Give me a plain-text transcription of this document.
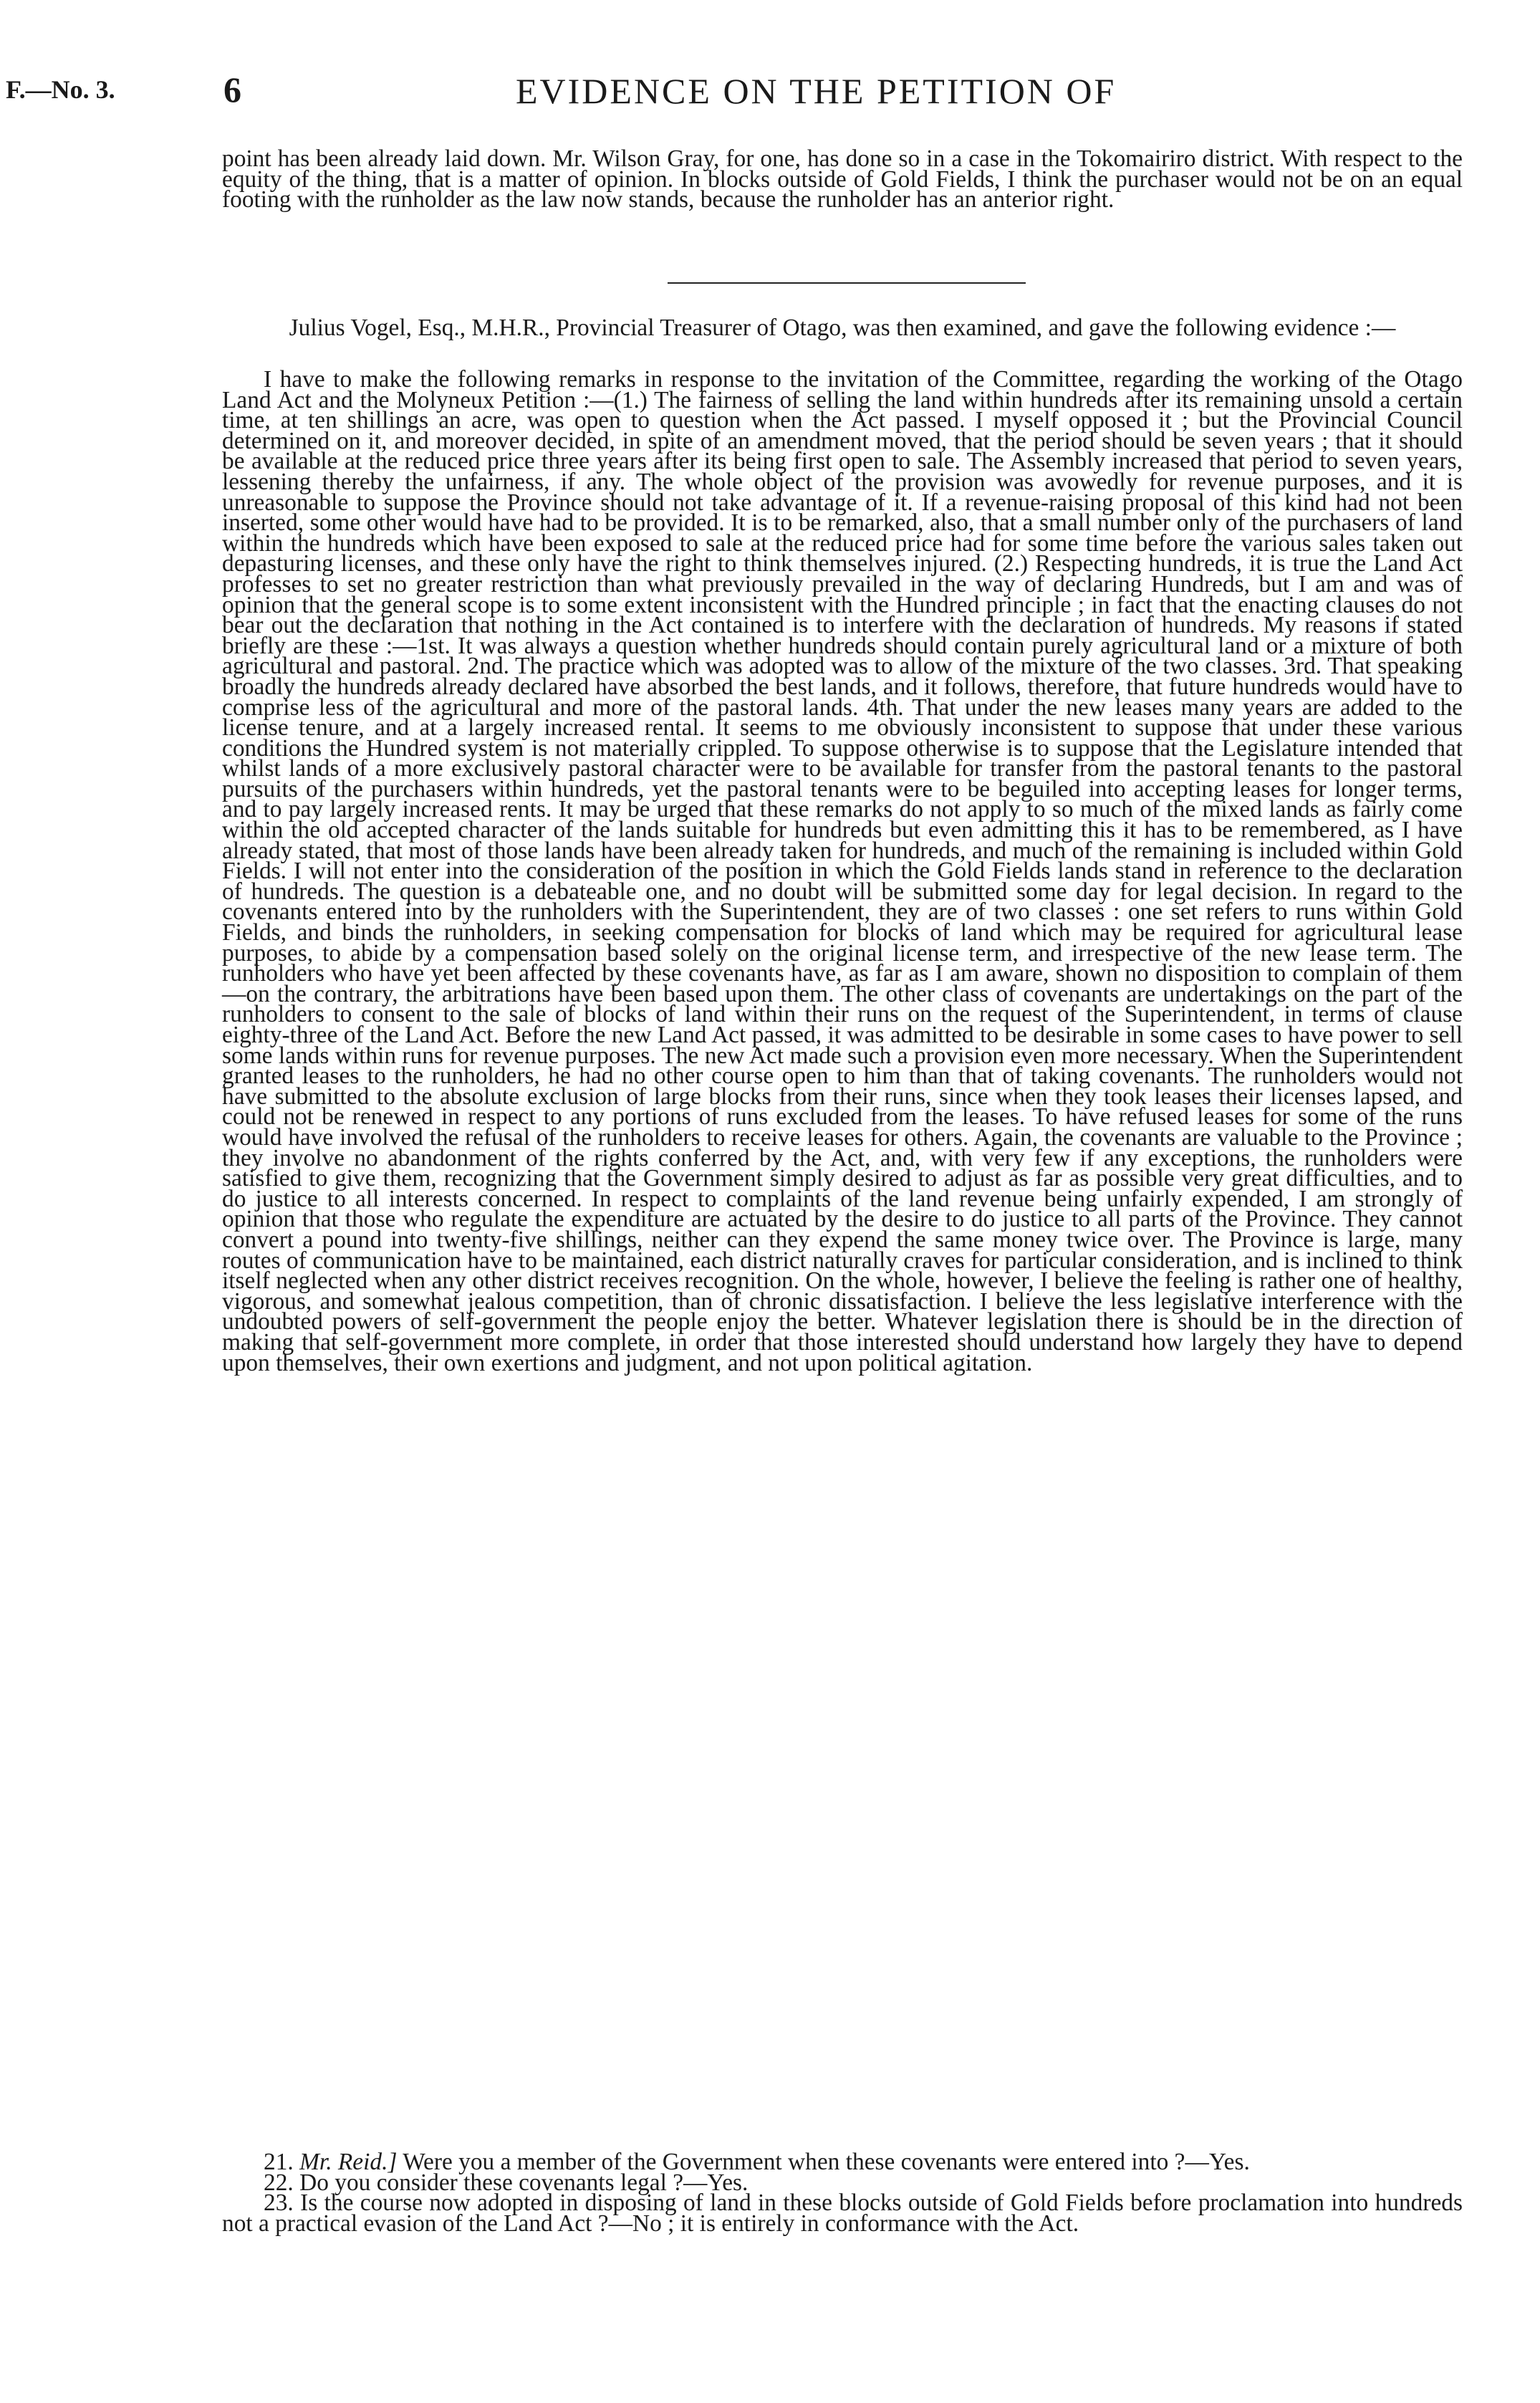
F.—No. 3.	6	EVIDENCE ON THE PETITION OF

point has been already laid down. Mr. Wilson Gray, for one, has done so in a case in the Tokomairiro district. With respect to the equity of the thing, that is a matter of opinion. In blocks outside of Gold Fields, I think the purchaser would not be on an equal footing with the runholder as the law now stands, because the runholder has an anterior right.

Julius Vogel, Esq., M.H.R., Provincial Treasurer of Otago, was then examined, and gave the following evidence :—

I have to make the following remarks in response to the invitation of the Committee, regarding the working of the Otago Land Act and the Molyneux Petition :—(1.) The fairness of selling the land within hundreds after its remaining unsold a certain time, at ten shillings an acre, was open to question when the Act passed. I myself opposed it ; but the Provincial Council determined on it, and moreover decided, in spite of an amendment moved, that the period should be seven years ; that it should be available at the reduced price three years after its being first open to sale. The Assembly increased that period to seven years, lessening thereby the unfairness, if any. The whole object of the provision was avowedly for revenue purposes, and it is unreasonable to suppose the Province should not take advantage of it. If a revenue-raising proposal of this kind had not been inserted, some other would have had to be provided. It is to be remarked, also, that a small number only of the purchasers of land within the hundreds which have been exposed to sale at the reduced price had for some time before the various sales taken out depasturing licenses, and these only have the right to think themselves injured. (2.) Respecting hundreds, it is true the Land Act professes to set no greater restriction than what previously prevailed in the way of declaring Hundreds, but I am and was of opinion that the general scope is to some extent inconsistent with the Hundred principle ; in fact that the enacting clauses do not bear out the declaration that nothing in the Act contained is to interfere with the declaration of hundreds. My reasons if stated briefly are these :—1st. It was always a question whether hundreds should contain purely agricultural land or a mixture of both agricultural and pastoral. 2nd. The practice which was adopted was to allow of the mixture of the two classes. 3rd. That speaking broadly the hundreds already declared have absorbed the best lands, and it follows, therefore, that future hundreds would have to comprise less of the agricultural and more of the pastoral lands. 4th. That under the new leases many years are added to the license tenure, and at a largely increased rental. It seems to me obviously inconsistent to suppose that under these various conditions the Hundred system is not materially crippled. To suppose otherwise is to suppose that the Legislature intended that whilst lands of a more exclusively pastoral character were to be available for transfer from the pastoral tenants to the pastoral pursuits of the purchasers within hundreds, yet the pastoral tenants were to be beguiled into accepting leases for longer terms, and to pay largely increased rents. It may be urged that these remarks do not apply to so much of the mixed lands as fairly come within the old accepted character of the lands suitable for hundreds but even admitting this it has to be remembered, as I have already stated, that most of those lands have been already taken for hundreds, and much of the remaining is included within Gold Fields. I will not enter into the consideration of the position in which the Gold Fields lands stand in reference to the declaration of hundreds. The question is a debateable one, and no doubt will be submitted some day for legal decision. In regard to the covenants entered into by the runholders with the Superintendent, they are of two classes : one set refers to runs within Gold Fields, and binds the runholders, in seeking compensation for blocks of land which may be required for agricultural lease purposes, to abide by a compensation based solely on the original license term, and irrespective of the new lease term. The runholders who have yet been affected by these covenants have, as far as I am aware, shown no disposition to complain of them—on the contrary, the arbitrations have been based upon them. The other class of covenants are undertakings on the part of the runholders to consent to the sale of blocks of land within their runs on the request of the Superintendent, in terms of clause eighty-three of the Land Act. Before the new Land Act passed, it was admitted to be desirable in some cases to have power to sell some lands within runs for revenue purposes. The new Act made such a provision even more necessary. When the Superintendent granted leases to the runholders, he had no other course open to him than that of taking covenants. The runholders would not have submitted to the absolute exclusion of large blocks from their runs, since when they took leases their licenses lapsed, and could not be renewed in respect to any portions of runs excluded from the leases. To have refused leases for some of the runs would have involved the refusal of the runholders to receive leases for others. Again, the covenants are valuable to the Province ; they involve no abandonment of the rights conferred by the Act, and, with very few if any exceptions, the runholders were satisfied to give them, recognizing that the Government simply desired to adjust as far as possible very great difficulties, and to do justice to all interests concerned. In respect to complaints of the land revenue being unfairly expended, I am strongly of opinion that those who regulate the expenditure are actuated by the desire to do justice to all parts of the Province. They cannot convert a pound into twenty-five shillings, neither can they expend the same money twice over. The Province is large, many routes of communication have to be maintained, each district naturally craves for particular consideration, and is inclined to think itself neglected when any other district receives recognition. On the whole, however, I believe the feeling is rather one of healthy, vigorous, and somewhat jealous competition, than of chronic dissatisfaction. I believe the less legislative interference with the undoubted powers of self-government the people enjoy the better. Whatever legislation there is should be in the direction of making that self-government more complete, in order that those interested should understand how largely they have to depend upon themselves, their own exertions and judgment, and not upon political agitation.

21. Mr. Reid.] Were you a member of the Government when these covenants were entered into ?—Yes.

22. Do you consider these covenants legal ?—Yes.

23. Is the course now adopted in disposing of land in these blocks outside of Gold Fields before proclamation into hundreds not a practical evasion of the Land Act ?—No ; it is entirely in conformance with the Act.
